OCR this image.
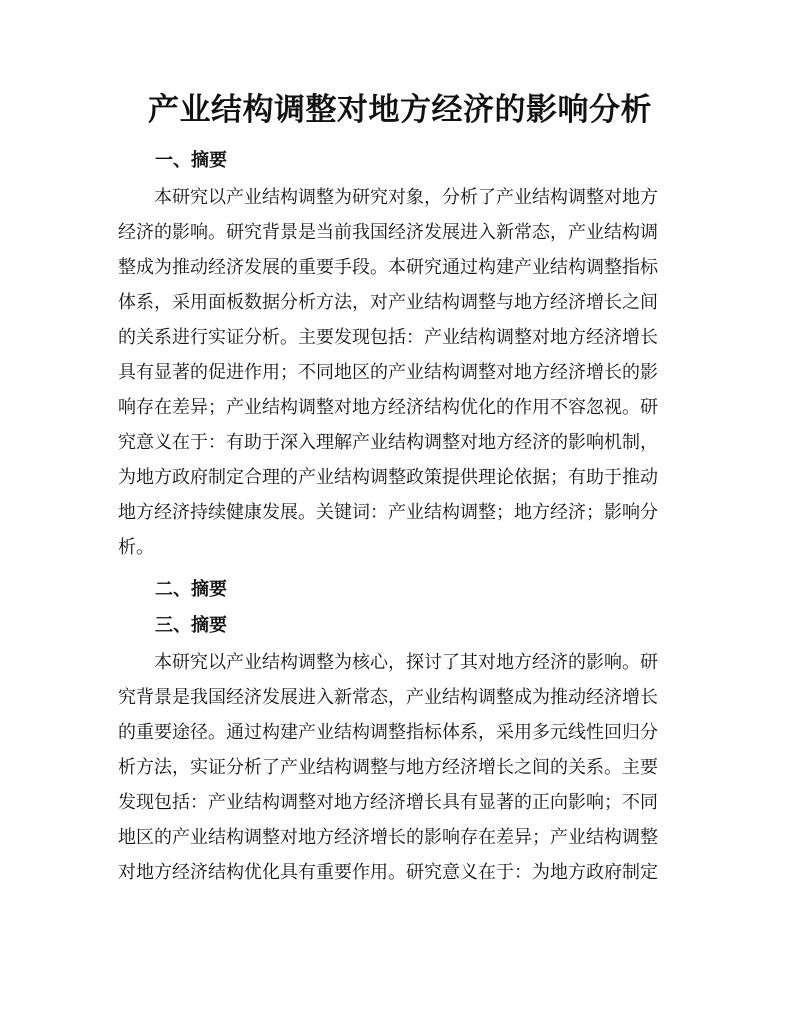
产业结构调整对地方经济的影响分析
一、摘要
本研究以产业结构调整为研究对象，分析了产业结构调整对地方
经济的影响。研究背景是当前我国经济发展进入新常态，产业结构调
整成为推动经济发展的重要手段。本研究通过构建产业结构调整指标
体系，采用面板数据分析方法，对产业结构调整与地方经济增长之间
的关系进行实证分析。主要发现包括：产业结构调整对地方经济增长
具有显著的促进作用；不同地区的产业结构调整对地方经济增长的影
响存在差异；产业结构调整对地方经济结构优化的作用不容忽视。研
究意义在于：有助于深入理解产业结构调整对地方经济的影响机制，
为地方政府制定合理的产业结构调整政策提供理论依据；有助于推动
地方经济持续健康发展。关键词：产业结构调整；地方经济；影响分
析。
二、摘要
三、摘要
本研究以产业结构调整为核心，探讨了其对地方经济的影响。研
究背景是我国经济发展进入新常态，产业结构调整成为推动经济增长
的重要途径。通过构建产业结构调整指标体系，采用多元线性回归分
析方法，实证分析了产业结构调整与地方经济增长之间的关系。主要
发现包括：产业结构调整对地方经济增长具有显著的正向影响；不同
地区的产业结构调整对地方经济增长的影响存在差异；产业结构调整
对地方经济结构优化具有重要作用。研究意义在于：为地方政府制定
